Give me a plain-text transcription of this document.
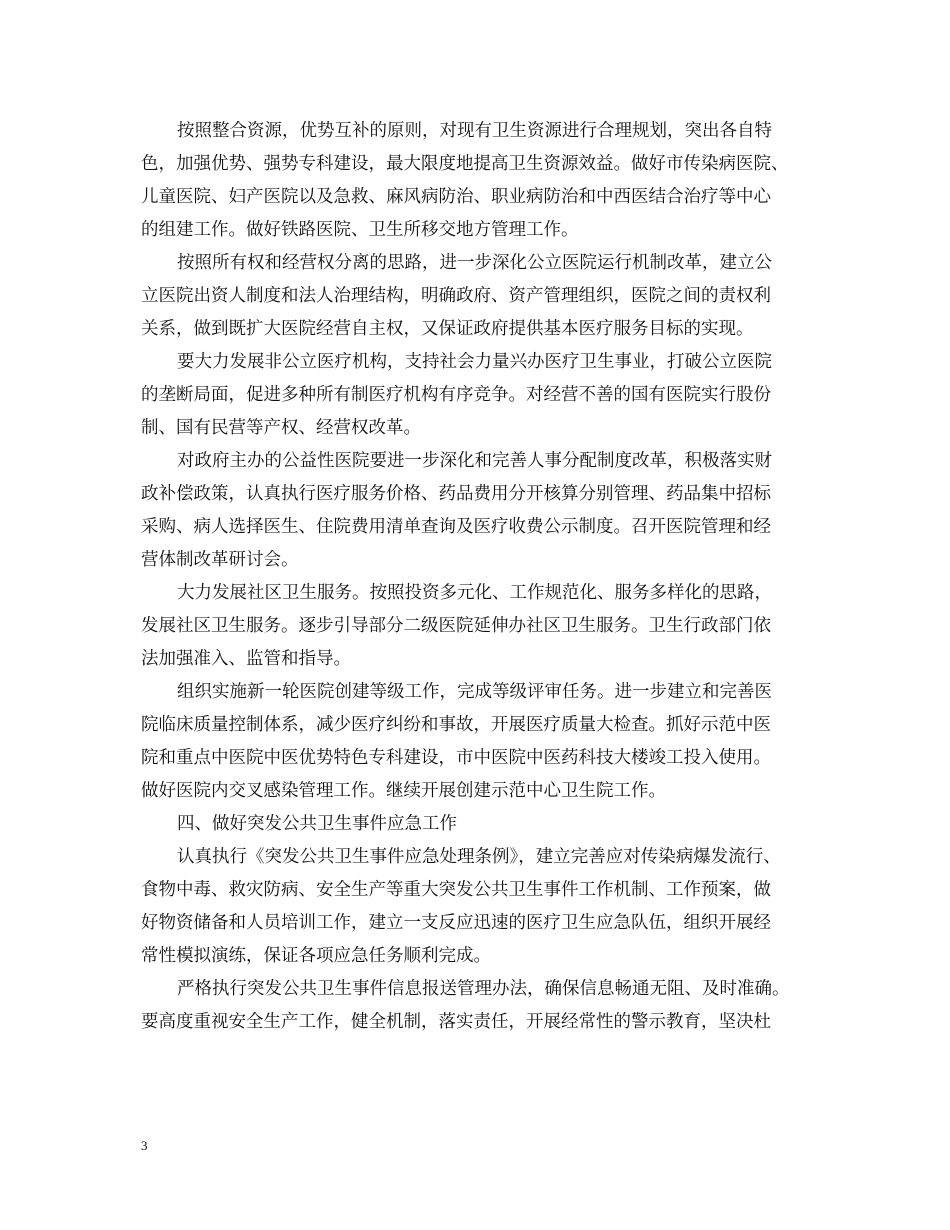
按照整合资源，优势互补的原则，对现有卫生资源进行合理规划，突出各自特
色，加强优势、强势专科建设，最大限度地提高卫生资源效益。做好市传染病医院、
儿童医院、妇产医院以及急救、麻风病防治、职业病防治和中西医结合治疗等中心
的组建工作。做好铁路医院、卫生所移交地方管理工作。

按照所有权和经营权分离的思路，进一步深化公立医院运行机制改革，建立公
立医院出资人制度和法人治理结构，明确政府、资产管理组织，医院之间的责权利
关系，做到既扩大医院经营自主权，又保证政府提供基本医疗服务目标的实现。

要大力发展非公立医疗机构，支持社会力量兴办医疗卫生事业，打破公立医院
的垄断局面，促进多种所有制医疗机构有序竞争。对经营不善的国有医院实行股份
制、国有民营等产权、经营权改革。

对政府主办的公益性医院要进一步深化和完善人事分配制度改革，积极落实财
政补偿政策，认真执行医疗服务价格、药品费用分开核算分别管理、药品集中招标
采购、病人选择医生、住院费用清单查询及医疗收费公示制度。召开医院管理和经
营体制改革研讨会。

大力发展社区卫生服务。按照投资多元化、工作规范化、服务多样化的思路，
发展社区卫生服务。逐步引导部分二级医院延伸办社区卫生服务。卫生行政部门依
法加强准入、监管和指导。

组织实施新一轮医院创建等级工作，完成等级评审任务。进一步建立和完善医
院临床质量控制体系，减少医疗纠纷和事故，开展医疗质量大检查。抓好示范中医
院和重点中医院中医优势特色专科建设，市中医院中医药科技大楼竣工投入使用。
做好医院内交叉感染管理工作。继续开展创建示范中心卫生院工作。

四、做好突发公共卫生事件应急工作

认真执行《突发公共卫生事件应急处理条例》，建立完善应对传染病爆发流行、
食物中毒、救灾防病、安全生产等重大突发公共卫生事件工作机制、工作预案，做
好物资储备和人员培训工作，建立一支反应迅速的医疗卫生应急队伍，组织开展经
常性模拟演练，保证各项应急任务顺利完成。

严格执行突发公共卫生事件信息报送管理办法，确保信息畅通无阻、及时准确。
要高度重视安全生产工作，健全机制，落实责任，开展经常性的警示教育，坚决杜

3
